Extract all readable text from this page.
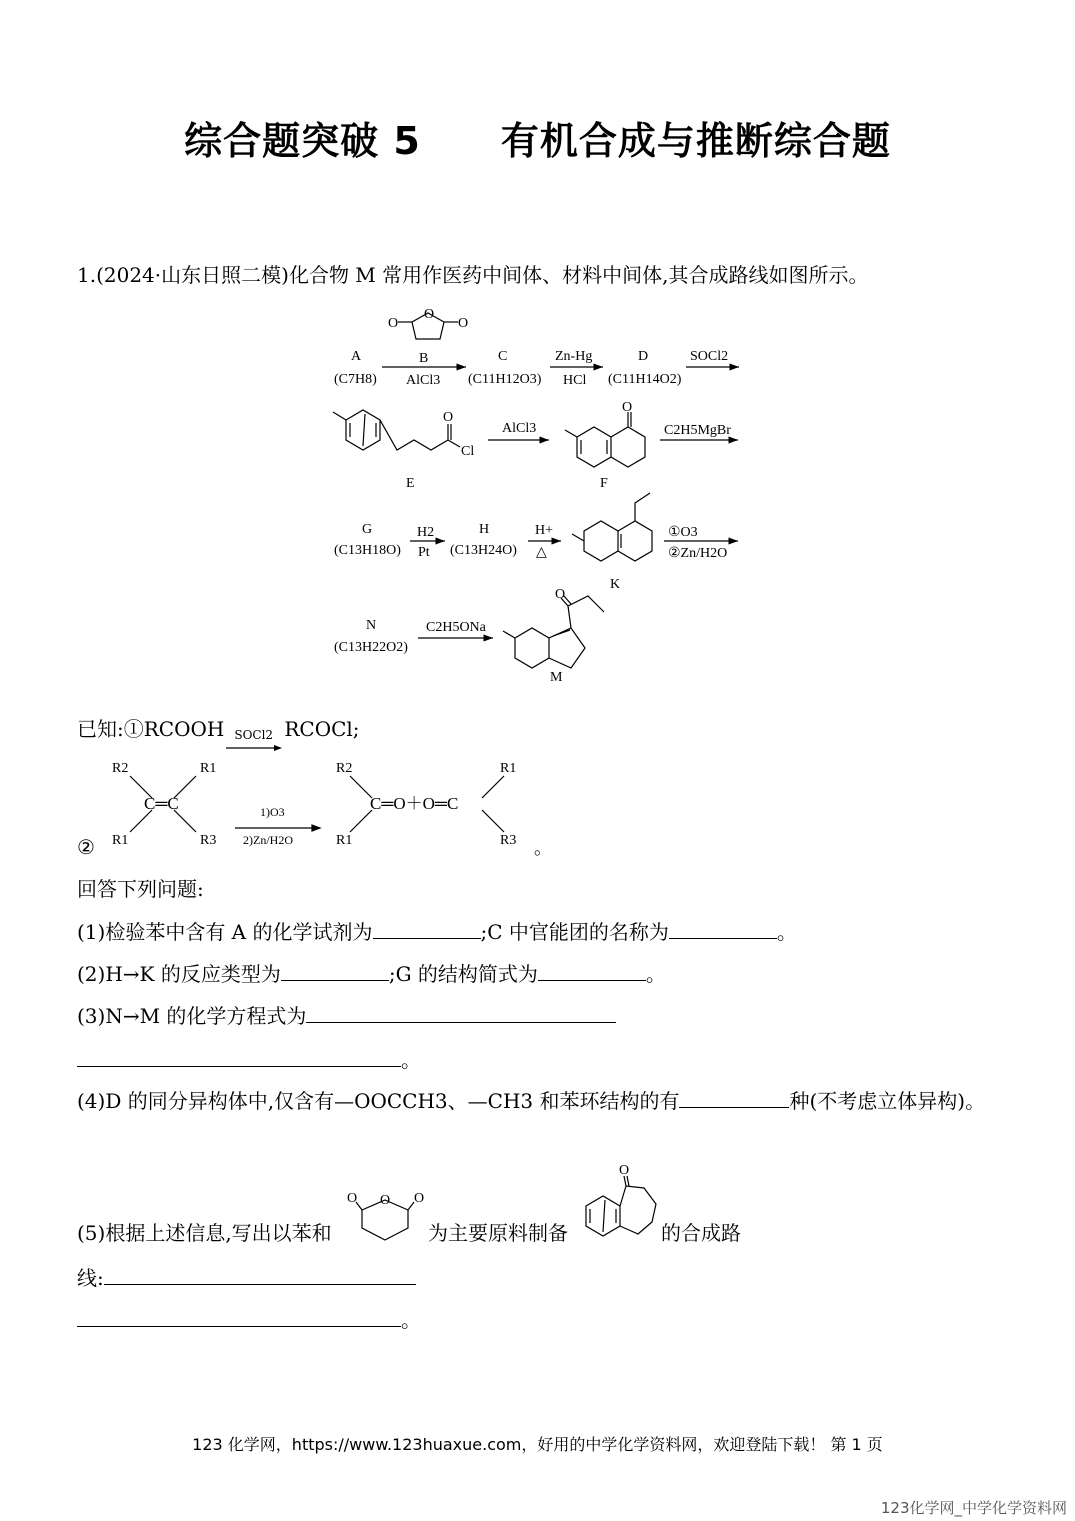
综合题突破 5 有机合成与推断综合题
1.(2024·山东日照二模)化合物 M 常用作医药中间体、材料中间体,其合成路线如图所示。
A
(C7H8)
O
O
O
B
AlCl3
C
(C11H12O3)
Zn-Hg
HCl
D
(C11H14O2)
SOCl2
O
Cl
E
AlCl3
O
F
C2H5MgBr
G
(C13H18O)
H2
Pt
H
(C13H24O)
H+
△
K
①O3
②Zn/H2O
N
(C13H22O2)
C2H5ONa
O
M
已知:①RCOOH SOCl2 RCOCl;
②
R2	R1
C═C
R1	R3
1)O3
2)Zn/H2O
R2
R1
C═O＋O═C
R1
R3 。
回答下列问题:
(1)检验苯中含有 A 的化学试剂为	;C 中官能团的名称为	。
(2)H→K 的反应类型为	;G 的结构简式为	。
(3)N→M 的化学方程式为
。
(4)D 的同分异构体中,仅含有—OOCCH3、—CH3 和苯环结构的有	种(不考虑立体异构)。
(5)根据上述信息,写出以苯和
O O O
为主要原料制备
O
的合成路
线:
。
123 化学网，https://www.123huaxue.com，好用的中学化学资料网，欢迎登陆下载！ 第 1 页
123化学网_中学化学资料网
